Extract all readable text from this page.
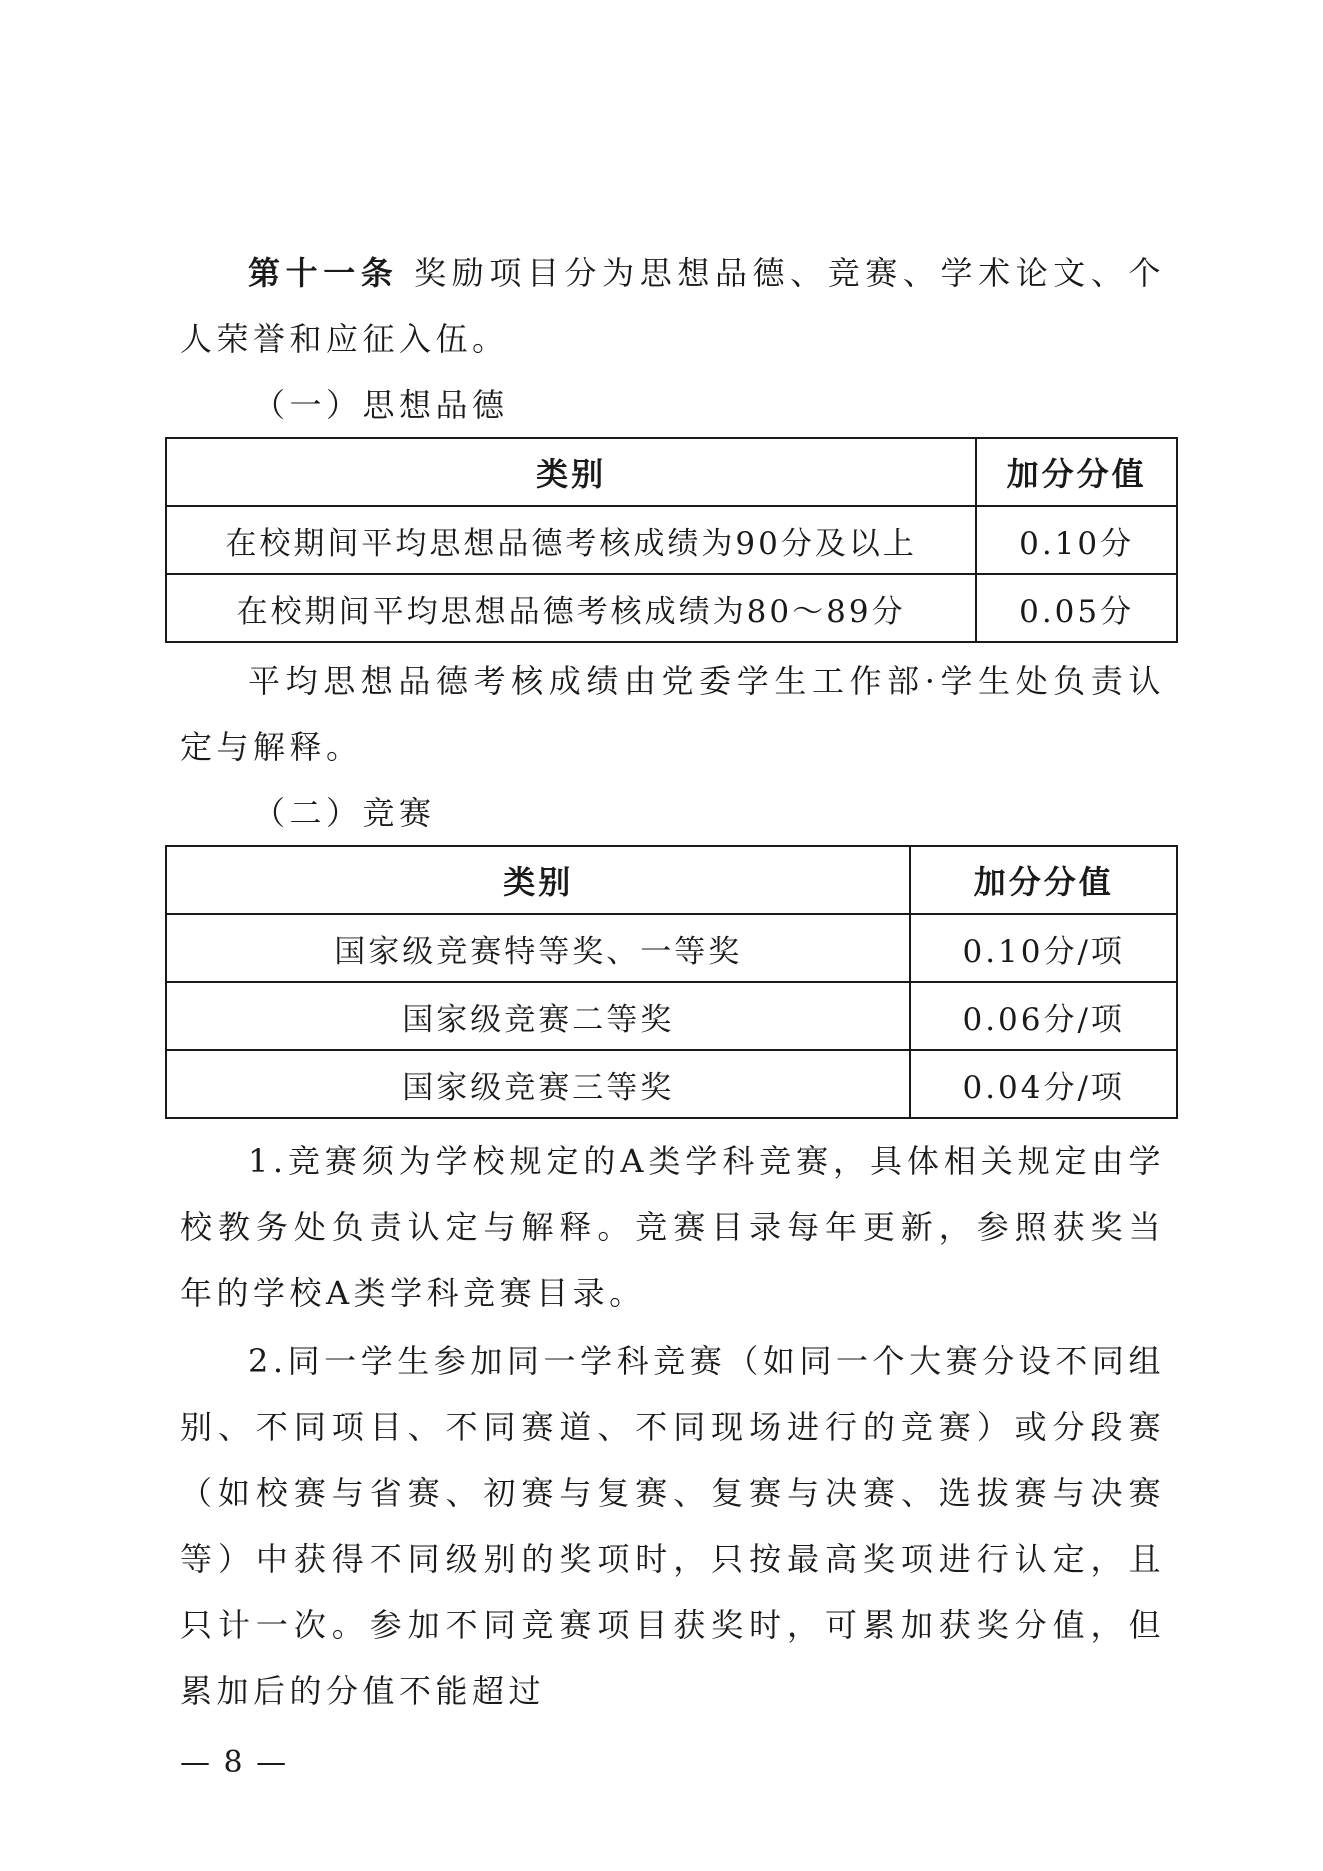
第十一条 奖励项目分为思想品德、竞赛、学术论文、个人荣誉和应征入伍。

（一）思想品德

类别	加分分值
在校期间平均思想品德考核成绩为90分及以上	0.10分
在校期间平均思想品德考核成绩为80～89分	0.05分

平均思想品德考核成绩由党委学生工作部·学生处负责认定与解释。

（二）竞赛

类别	加分分值
国家级竞赛特等奖、一等奖	0.10分/项
国家级竞赛二等奖	0.06分/项
国家级竞赛三等奖	0.04分/项

1.竞赛须为学校规定的A类学科竞赛，具体相关规定由学校教务处负责认定与解释。竞赛目录每年更新，参照获奖当年的学校A类学科竞赛目录。

2.同一学生参加同一学科竞赛（如同一个大赛分设不同组别、不同项目、不同赛道、不同现场进行的竞赛）或分段赛（如校赛与省赛、初赛与复赛、复赛与决赛、选拔赛与决赛等）中获得不同级别的奖项时，只按最高奖项进行认定，且只计一次。参加不同竞赛项目获奖时，可累加获奖分值，但累加后的分值不能超过

— 8 —
